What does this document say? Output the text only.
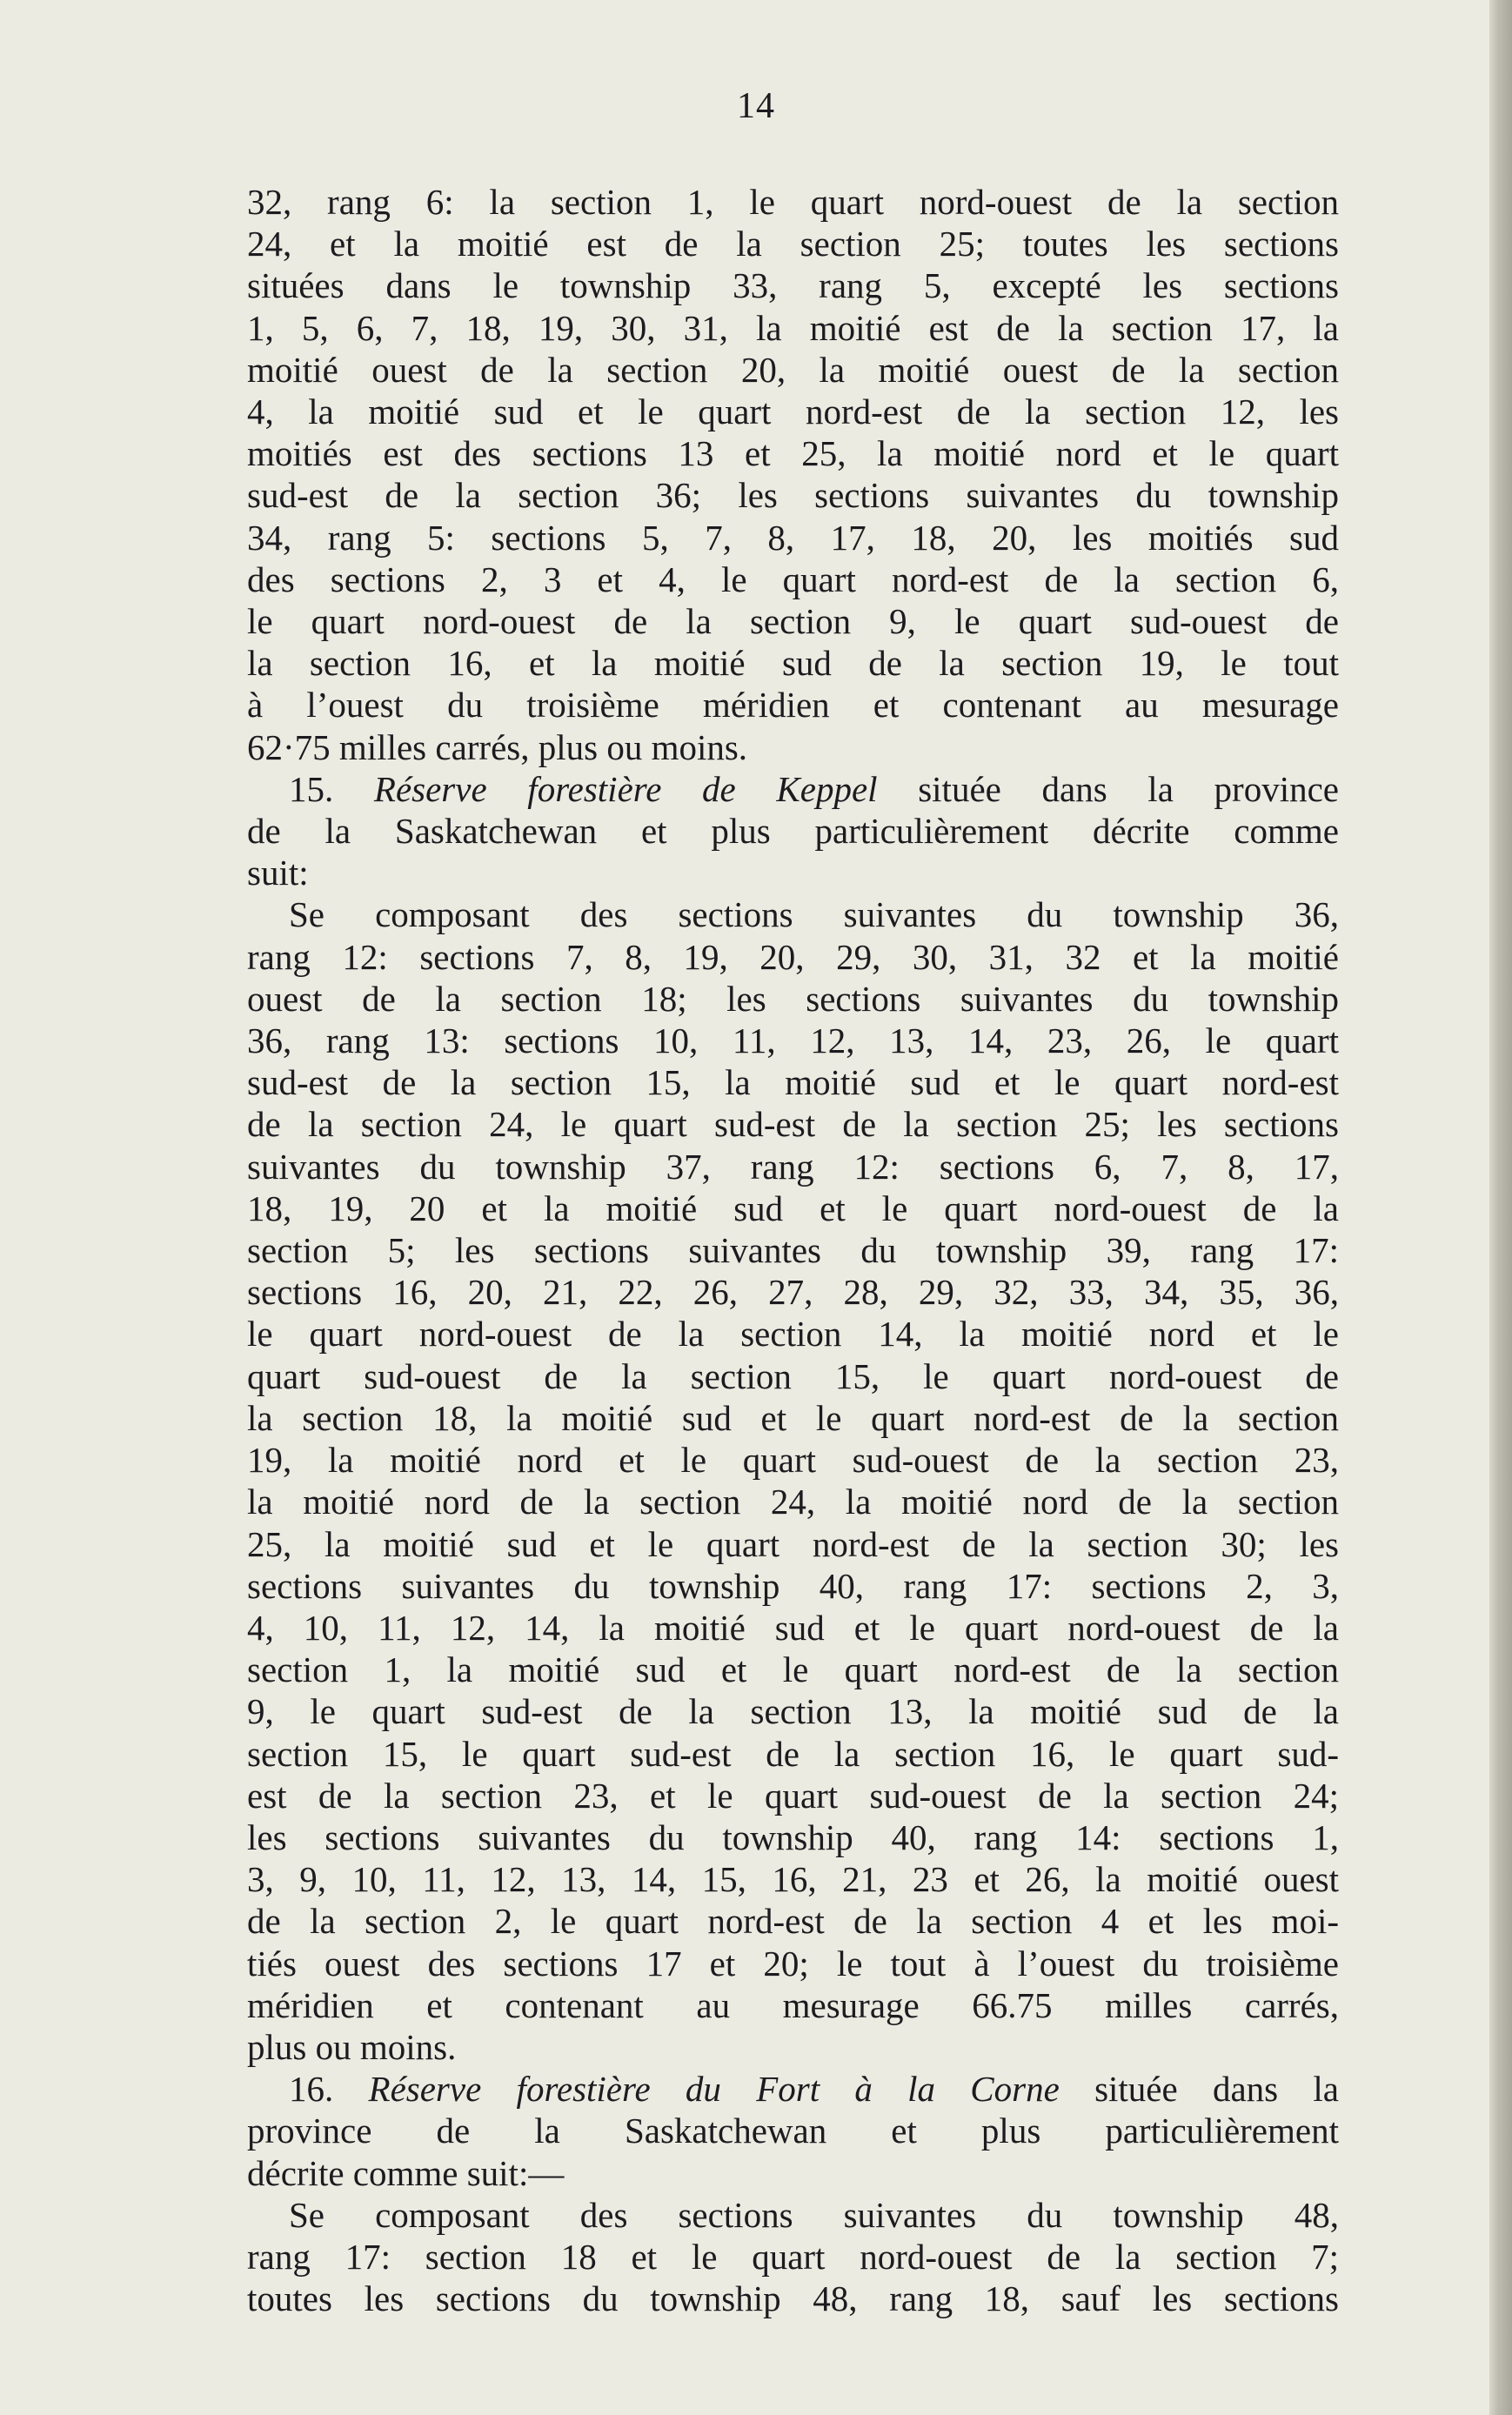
14
32, rang 6: la section 1, le quart nord-ouest de la section
24, et la moitié est de la section 25; toutes les sections
situées dans le township 33, rang 5, excepté les sections
1, 5, 6, 7, 18, 19, 30, 31, la moitié est de la section 17, la
moitié ouest de la section 20, la moitié ouest de la section
4, la moitié sud et le quart nord-est de la section 12, les
moitiés est des sections 13 et 25, la moitié nord et le quart
sud-est de la section 36; les sections suivantes du township
34, rang 5: sections 5, 7, 8, 17, 18, 20, les moitiés sud
des sections 2, 3 et 4, le quart nord-est de la section 6,
le quart nord-ouest de la section 9, le quart sud-ouest de
la section 16, et la moitié sud de la section 19, le tout
à l’ouest du troisième méridien et contenant au mesurage
62·75 milles carrés, plus ou moins.
15. Réserve forestière de Keppel située dans la province
de la Saskatchewan et plus particulièrement décrite comme
suit:
Se composant des sections suivantes du township 36,
rang 12: sections 7, 8, 19, 20, 29, 30, 31, 32 et la moitié
ouest de la section 18; les sections suivantes du township
36, rang 13: sections 10, 11, 12, 13, 14, 23, 26, le quart
sud-est de la section 15, la moitié sud et le quart nord-est
de la section 24, le quart sud-est de la section 25; les sections
suivantes du township 37, rang 12: sections 6, 7, 8, 17,
18, 19, 20 et la moitié sud et le quart nord-ouest de la
section 5; les sections suivantes du township 39, rang 17:
sections 16, 20, 21, 22, 26, 27, 28, 29, 32, 33, 34, 35, 36,
le quart nord-ouest de la section 14, la moitié nord et le
quart sud-ouest de la section 15, le quart nord-ouest de
la section 18, la moitié sud et le quart nord-est de la section
19, la moitié nord et le quart sud-ouest de la section 23,
la moitié nord de la section 24, la moitié nord de la section
25, la moitié sud et le quart nord-est de la section 30; les
sections suivantes du township 40, rang 17: sections 2, 3,
4, 10, 11, 12, 14, la moitié sud et le quart nord-ouest de la
section 1, la moitié sud et le quart nord-est de la section
9, le quart sud-est de la section 13, la moitié sud de la
section 15, le quart sud-est de la section 16, le quart sud-
est de la section 23, et le quart sud-ouest de la section 24;
les sections suivantes du township 40, rang 14: sections 1,
3, 9, 10, 11, 12, 13, 14, 15, 16, 21, 23 et 26, la moitié ouest
de la section 2, le quart nord-est de la section 4 et les moi-
tiés ouest des sections 17 et 20; le tout à l’ouest du troisième
méridien et contenant au mesurage 66.75 milles carrés,
plus ou moins.
16. Réserve forestière du Fort à la Corne située dans la
province de la Saskatchewan et plus particulièrement
décrite comme suit:—
Se composant des sections suivantes du township 48,
rang 17: section 18 et le quart nord-ouest de la section 7;
toutes les sections du township 48, rang 18, sauf les sections
